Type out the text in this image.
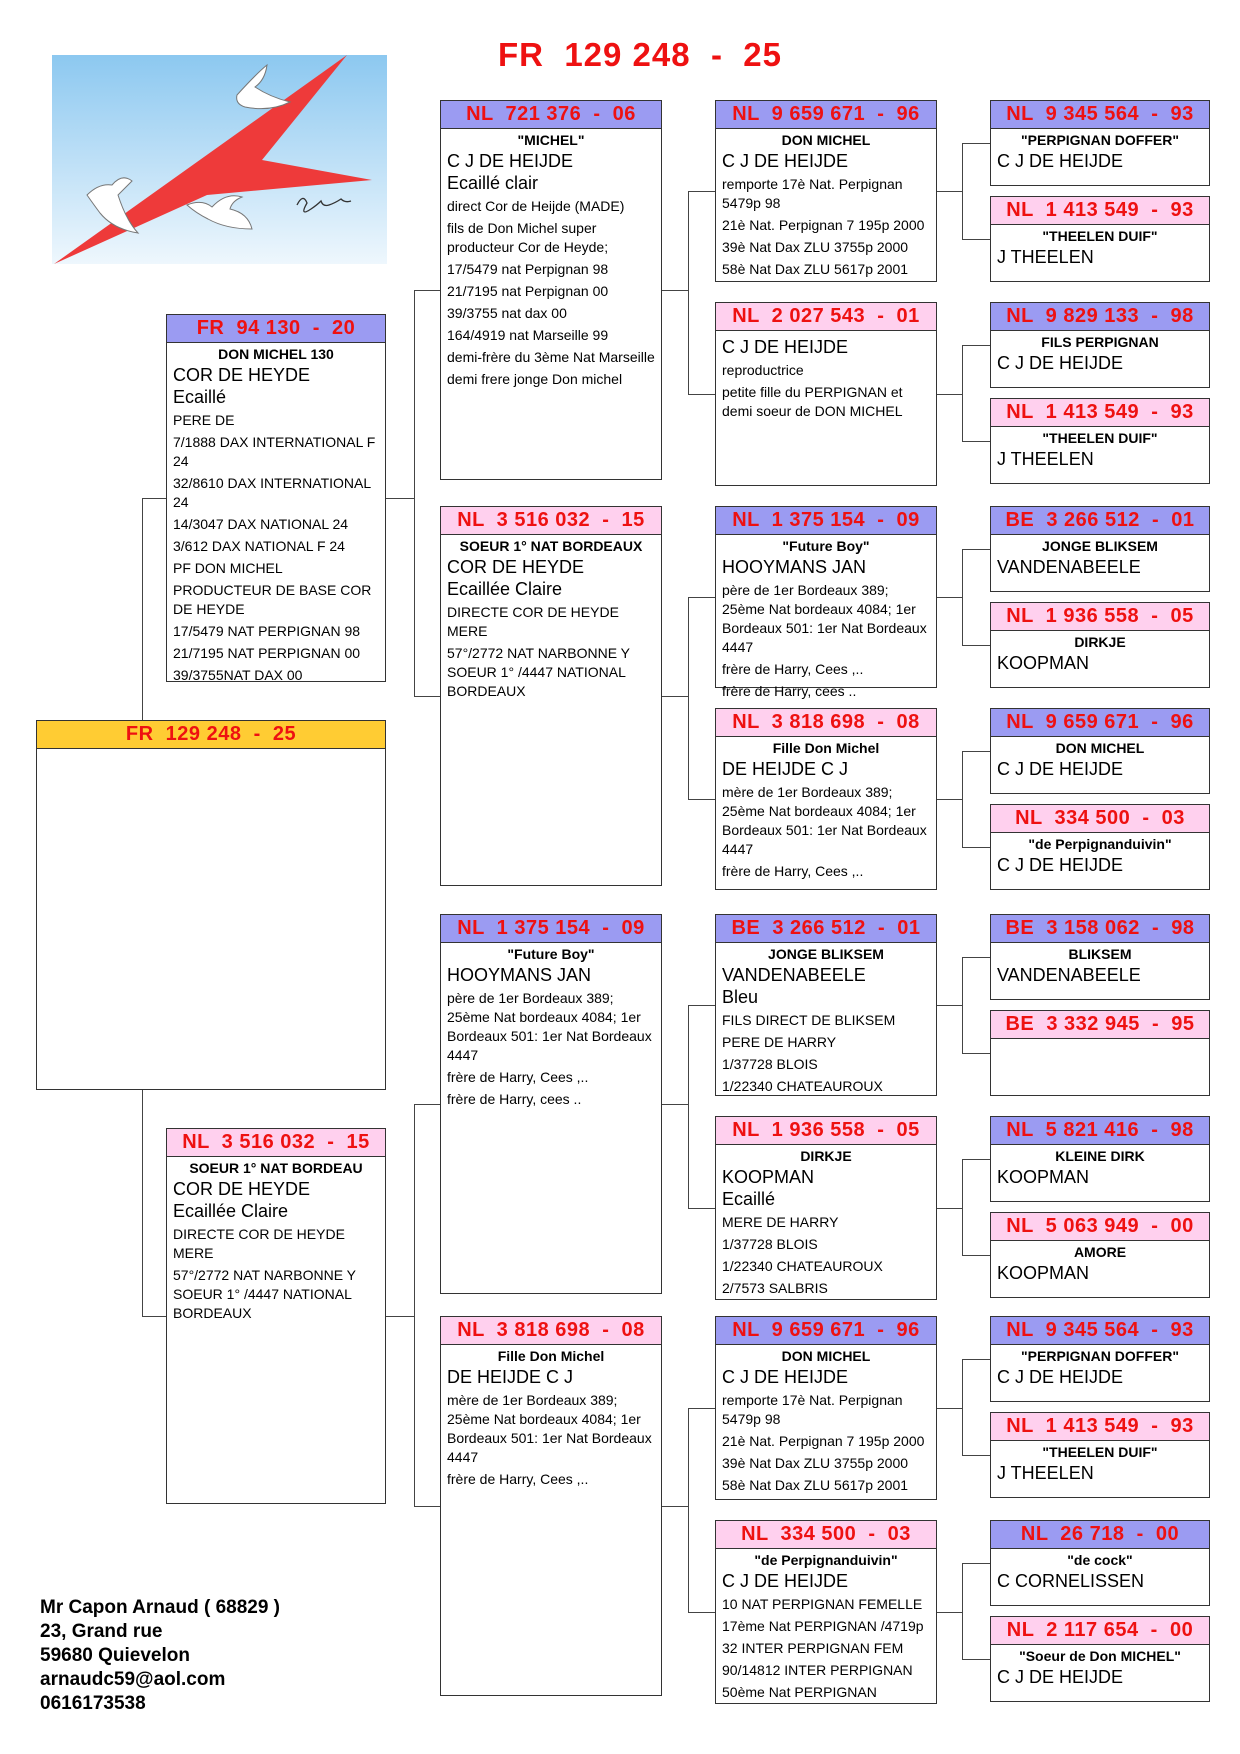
FR  129 248  -  25
Mr Capon Arnaud ( 68829 )
23, Grand rue
59680 Quievelon
arnaudc59@aol.com
0616173538
FR  129 248  -  25
FR  94 130  -  20
DON MICHEL 130
COR DE HEYDE
Ecaillé
PERE DE
7/1888 DAX INTERNATIONAL F 24
32/8610 DAX INTERNATIONAL 24
14/3047 DAX NATIONAL 24
3/612 DAX NATIONAL F 24
PF DON MICHEL
PRODUCTEUR DE BASE COR DE HEYDE
17/5479 NAT PERPIGNAN 98
21/7195 NAT PERPIGNAN 00
39/3755NAT DAX 00
NL  3 516 032  -  15
SOEUR 1° NAT BORDEAU
COR DE HEYDE
Ecaillée Claire
DIRECTE COR DE HEYDE MERE
57°/2772 NAT NARBONNE Y SOEUR 1° /4447 NATIONAL BORDEAUX
NL  721 376  -  06
"MICHEL"
C J DE HEIJDE
Ecaillé clair
direct Cor de Heijde (MADE)
fils de Don Michel super producteur Cor de Heyde;
17/5479 nat Perpignan 98
21/7195 nat Perpignan 00
39/3755 nat dax 00
164/4919 nat Marseille 99
demi-frère du 3ème Nat Marseille
demi frere jonge Don michel
NL  3 516 032  -  15
SOEUR 1° NAT BORDEAUX
COR DE HEYDE
Ecaillée Claire
DIRECTE COR DE HEYDE MERE
57°/2772 NAT NARBONNE Y SOEUR 1° /4447 NATIONAL BORDEAUX
NL  1 375 154  -  09
"Future Boy"
HOOYMANS JAN
père de 1er Bordeaux 389; 25ème Nat bordeaux 4084; 1er Bordeaux 501: 1er Nat Bordeaux 4447
frère de Harry, Cees ,..
frère de Harry, cees ..
NL  3 818 698  -  08
Fille Don Michel
DE HEIJDE C J
mère de 1er Bordeaux 389; 25ème Nat bordeaux 4084; 1er Bordeaux 501: 1er Nat Bordeaux 4447
frère de Harry, Cees ,..
NL  9 659 671  -  96
DON MICHEL
C J DE HEIJDE
remporte 17è Nat. Perpignan 5479p 98
21è Nat. Perpignan 7 195p 2000
39è Nat Dax ZLU 3755p 2000
58è Nat Dax ZLU 5617p 2001
NL  2 027 543  -  01
C J DE HEIJDE
reproductrice
petite fille du PERPIGNAN et demi soeur de DON MICHEL
NL  1 375 154  -  09
"Future Boy"
HOOYMANS JAN
père de 1er Bordeaux 389; 25ème Nat bordeaux 4084; 1er Bordeaux 501: 1er Nat Bordeaux 4447
frère de Harry, Cees ,..
frère de Harry, cees ..
NL  3 818 698  -  08
Fille Don Michel
DE HEIJDE C J
mère de 1er Bordeaux 389; 25ème Nat bordeaux 4084; 1er Bordeaux 501: 1er Nat Bordeaux 4447
frère de Harry, Cees ,..
BE  3 266 512  -  01
JONGE BLIKSEM
VANDENABEELE
Bleu
FILS DIRECT DE BLIKSEM
PERE DE HARRY
1/37728 BLOIS
1/22340 CHATEAUROUX
NL  1 936 558  -  05
DIRKJE
KOOPMAN
Ecaillé
MERE DE HARRY
1/37728 BLOIS
1/22340 CHATEAUROUX
2/7573 SALBRIS
NL  9 659 671  -  96
DON MICHEL
C J DE HEIJDE
remporte 17è Nat. Perpignan 5479p 98
21è Nat. Perpignan 7 195p 2000
39è Nat Dax ZLU 3755p 2000
58è Nat Dax ZLU 5617p 2001
NL  334 500  -  03
"de Perpignanduivin"
C J DE HEIJDE
10 NAT PERPIGNAN FEMELLE
17ème Nat PERPIGNAN /4719p
32 INTER PERPIGNAN FEM
90/14812 INTER PERPIGNAN
50ème Nat PERPIGNAN
NL  9 345 564  -  93
"PERPIGNAN DOFFER"
C J DE HEIJDE
NL  1 413 549  -  93
"THEELEN DUIF"
J THEELEN
NL  9 829 133  -  98
FILS PERPIGNAN
C J DE HEIJDE
NL  1 413 549  -  93
"THEELEN DUIF"
J THEELEN
BE  3 266 512  -  01
JONGE BLIKSEM
VANDENABEELE
NL  1 936 558  -  05
DIRKJE
KOOPMAN
NL  9 659 671  -  96
DON MICHEL
C J DE HEIJDE
NL  334 500  -  03
"de Perpignanduivin"
C J DE HEIJDE
BE  3 158 062  -  98
BLIKSEM
VANDENABEELE
BE  3 332 945  -  95
NL  5 821 416  -  98
KLEINE DIRK
KOOPMAN
NL  5 063 949  -  00
AMORE
KOOPMAN
NL  9 345 564  -  93
"PERPIGNAN DOFFER"
C J DE HEIJDE
NL  1 413 549  -  93
"THEELEN DUIF"
J THEELEN
NL  26 718  -  00
"de cock"
C CORNELISSEN
NL  2 117 654  -  00
"Soeur de Don MICHEL"
C J DE HEIJDE
